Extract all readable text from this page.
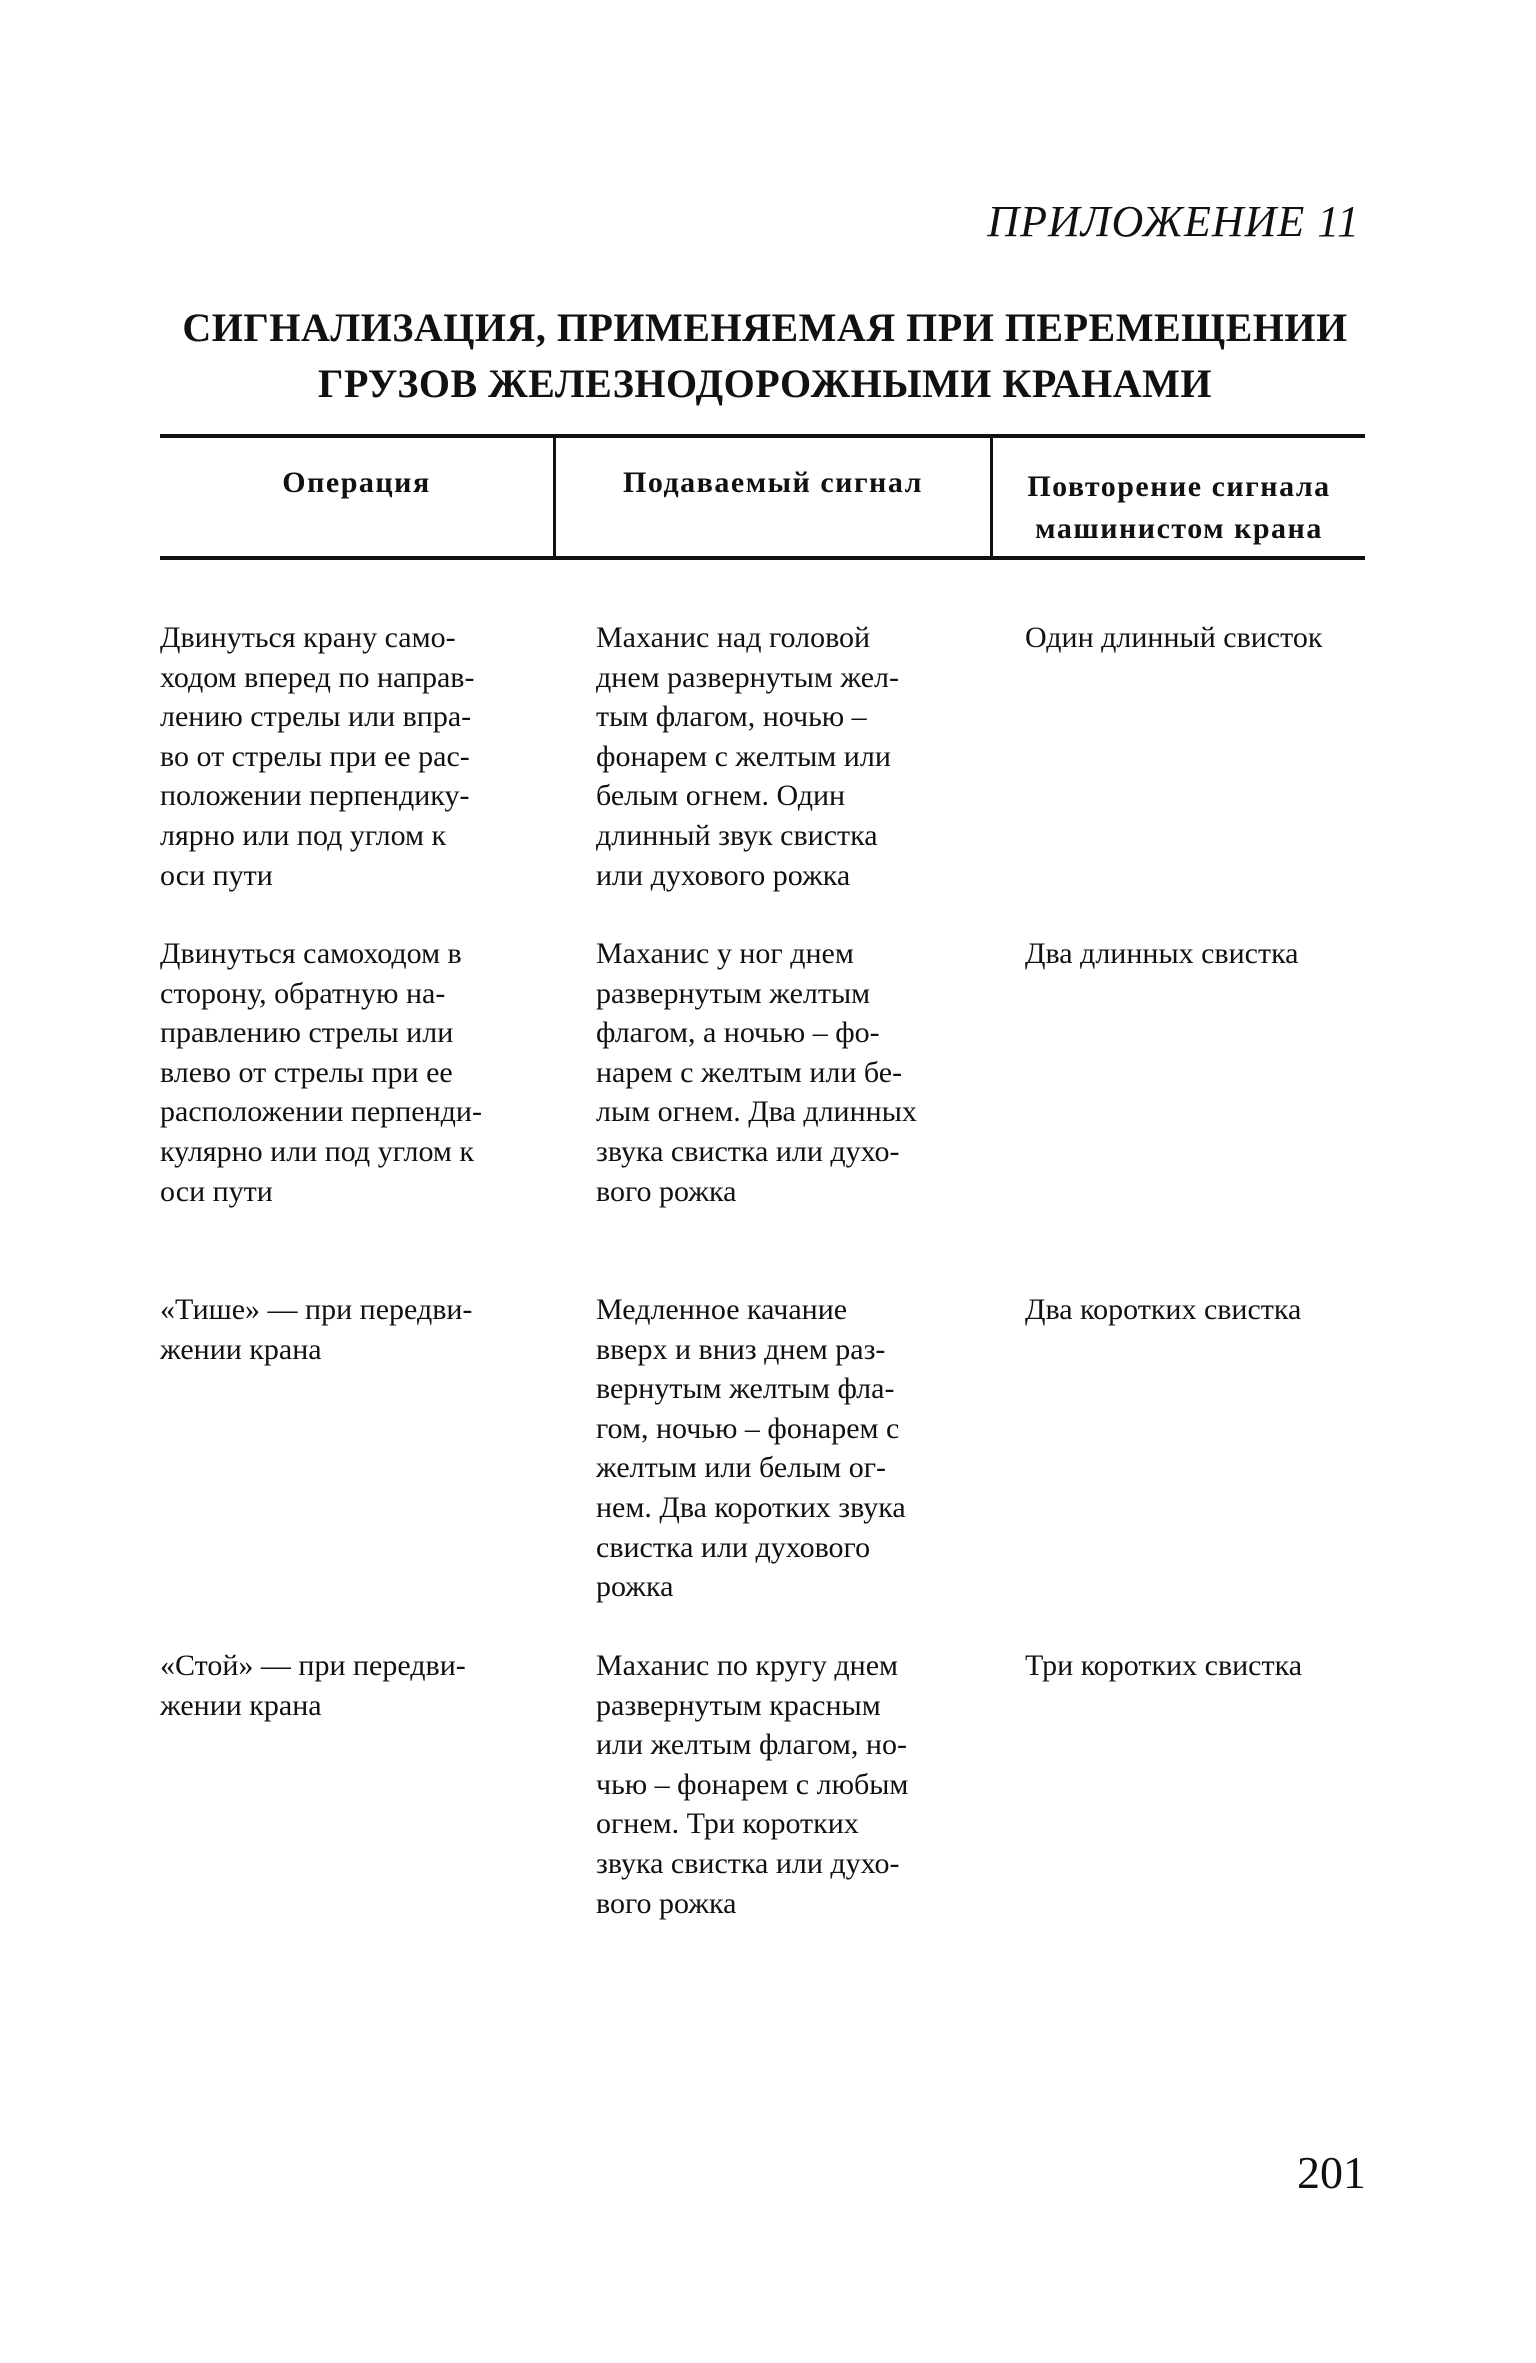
ПРИЛОЖЕНИЕ 11

СИГНАЛИЗАЦИЯ, ПРИМЕНЯЕМАЯ ПРИ ПЕРЕМЕЩЕНИИ
ГРУЗОВ ЖЕЛЕЗНОДОРОЖНЫМИ КРАНАМИ
Операция	Подаваемый сигнал	Повторение сигнала
машинистом крана
Двинуться крану само-
ходом вперед по направ-
лению стрелы или впра-
во от стрелы при ее рас-
положении перпендику-
лярно или под углом к
оси пути
Маханис над головой
днем развернутым жел-
тым флагом, ночью –
фонарем с желтым или
белым огнем. Один
длинный звук свистка
или духового рожка
Один длинный свисток
Двинуться самоходом в
сторону, обратную на-
правлению стрелы или
влево от стрелы при ее
расположении перпенди-
кулярно или под углом к
оси пути
Маханис у ног днем
развернутым желтым
флагом, а ночью – фо-
нарем с желтым или бе-
лым огнем. Два длинных
звука свистка или духо-
вого рожка
Два длинных свистка
«Тише» — при передви-
жении крана
Медленное качание
вверх и вниз днем раз-
вернутым желтым фла-
гом, ночью – фонарем с
желтым или белым ог-
нем. Два коротких звука
свистка или духового
рожка
Два коротких свистка
«Стой» — при передви-
жении крана
Маханис по кругу днем
развернутым красным
или желтым флагом, но-
чью – фонарем с любым
огнем. Три коротких
звука свистка или духо-
вого рожка
Три коротких свистка

201
